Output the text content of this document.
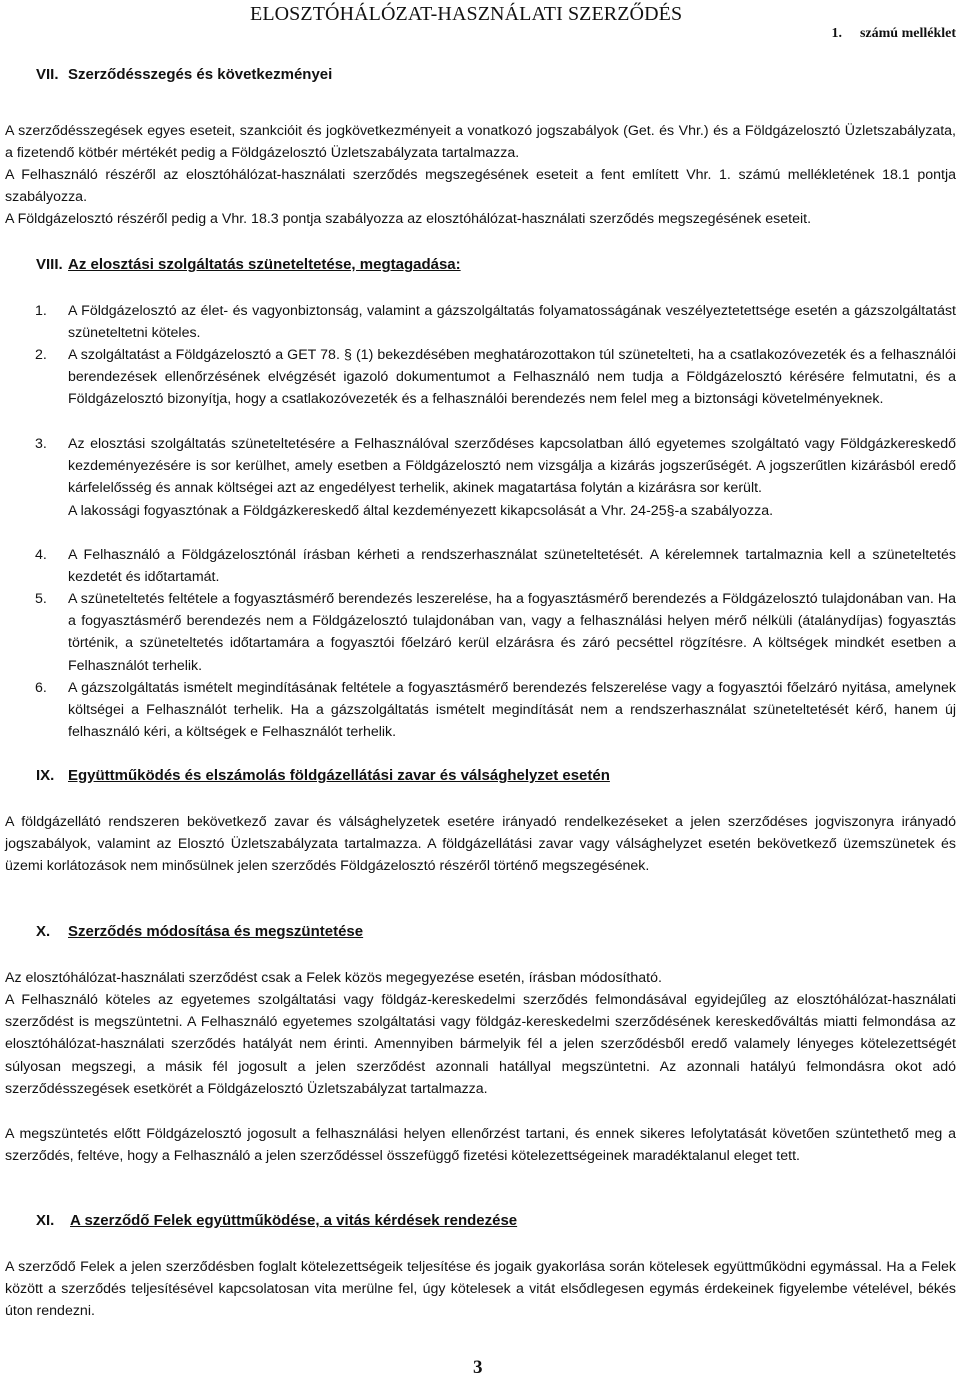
ELOSZTÓHÁLÓZAT-HASZNÁLATI SZERZŐDÉS
1. számú melléklet
VII. Szerződésszegés és következményei
A szerződésszegések egyes eseteit, szankcióit és jogkövetkezményeit a vonatkozó jogszabályok (Get. és Vhr.) és a Földgázelosztó Üzletszabályzata, a fizetendő kötbér mértékét pedig a Földgázelosztó Üzletszabályzata tartalmazza.
A Felhasználó részéről az elosztóhálózat-használati szerződés megszegésének eseteit a fent említett Vhr. 1. számú mellékletének 18.1 pontja szabályozza.
A Földgázelosztó részéről pedig a Vhr. 18.3 pontja szabályozza az elosztóhálózat-használati szerződés megszegésének eseteit.
VIII. Az elosztási szolgáltatás szüneteltetése, megtagadása:
1. A Földgázelosztó az élet- és vagyonbiztonság, valamint a gázszolgáltatás folyamatosságának veszélyeztetettsége esetén a gázszolgáltatást szüneteltetni köteles.
2. A szolgáltatást a Földgázelosztó a GET 78. § (1) bekezdésében meghatározottakon túl szünetelteti, ha a csatlakozóvezeték és a felhasználói berendezések ellenőrzésének elvégzését igazoló dokumentumot a Felhasználó nem tudja a Földgázelosztó kérésére felmutatni, és a Földgázelosztó bizonyítja, hogy a csatlakozóvezeték és a felhasználói berendezés nem felel meg a biztonsági követelményeknek.
3. Az elosztási szolgáltatás szüneteltetésére a Felhasználóval szerződéses kapcsolatban álló egyetemes szolgáltató vagy Földgázkereskedő kezdeményezésére is sor kerülhet, amely esetben a Földgázelosztó nem vizsgálja a kizárás jogszerűségét. A jogszerűtlen kizárásból eredő kárfelelősség és annak költségei azt az engedélyest terhelik, akinek magatartása folytán a kizárásra sor került.
A lakossági fogyasztónak a Földgázkereskedő által kezdeményezett kikapcsolását a Vhr. 24-25§-a szabályozza.
4. A Felhasználó a Földgázelosztónál írásban kérheti a rendszerhasználat szüneteltetését. A kérelemnek tartalmaznia kell a szüneteltetés kezdetét és időtartamát.
5. A szüneteltetés feltétele a fogyasztásmérő berendezés leszerelése, ha a fogyasztásmérő berendezés a Földgázelosztó tulajdonában van. Ha a fogyasztásmérő berendezés nem a Földgázelosztó tulajdonában van, vagy a felhasználási helyen mérő nélküli (átalánydíjas) fogyasztás történik, a szüneteltetés időtartamára a fogyasztói főelzáró kerül elzárásra és záró pecséttel rögzítésre. A költségek mindkét esetben a Felhasználót terhelik.
6. A gázszolgáltatás ismételt megindításának feltétele a fogyasztásmérő berendezés felszerelése vagy a fogyasztói főelzáró nyitása, amelynek költségei a Felhasználót terhelik. Ha a gázszolgáltatás ismételt megindítását nem a rendszerhasználat szüneteltetését kérő, hanem új felhasználó kéri, a költségek e Felhasználót terhelik.
IX. Együttműködés és elszámolás földgázellátási zavar és válsághelyzet esetén
A földgázellátó rendszeren bekövetkező zavar és válsághelyzetek esetére irányadó rendelkezéseket a jelen szerződéses jogviszonyra irányadó jogszabályok, valamint az Elosztó Üzletszabályzata tartalmazza. A földgázellátási zavar vagy válsághelyzet esetén bekövetkező üzemszünetek és üzemi korlátozások nem minősülnek jelen szerződés Földgázelosztó részéről történő megszegésének.
X. Szerződés módosítása és megszüntetése
Az elosztóhálózat-használati szerződést csak a Felek közös megegyezése esetén, írásban módosítható.
A Felhasználó köteles az egyetemes szolgáltatási vagy földgáz-kereskedelmi szerződés felmondásával egyidejűleg az elosztóhálózat-használati szerződést is megszüntetni. A Felhasználó egyetemes szolgáltatási vagy földgáz-kereskedelmi szerződésének kereskedőváltás miatti felmondása az elosztóhálózat-használati szerződés hatályát nem érinti. Amennyiben bármelyik fél a jelen szerződésből eredő valamely lényeges kötelezettségét súlyosan megszegi, a másik fél jogosult a jelen szerződést azonnali hatállyal megszüntetni. Az azonnali hatályú felmondásra okot adó szerződésszegések esetkörét a Földgázelosztó Üzletszabályzat tartalmazza.
A megszüntetés előtt Földgázelosztó jogosult a felhasználási helyen ellenőrzést tartani, és ennek sikeres lefolytatását követően szüntethető meg a szerződés, feltéve, hogy a Felhasználó a jelen szerződéssel összefüggő fizetési kötelezettségeinek maradéktalanul eleget tett.
XI. A szerződő Felek együttműködése, a vitás kérdések rendezése
A szerződő Felek a jelen szerződésben foglalt kötelezettségeik teljesítése és jogaik gyakorlása során kötelesek együttműködni egymással. Ha a Felek között a szerződés teljesítésével kapcsolatosan vita merülne fel, úgy kötelesek a vitát elsődlegesen egymás érdekeinek figyelembe vételével, békés úton rendezni.
3
